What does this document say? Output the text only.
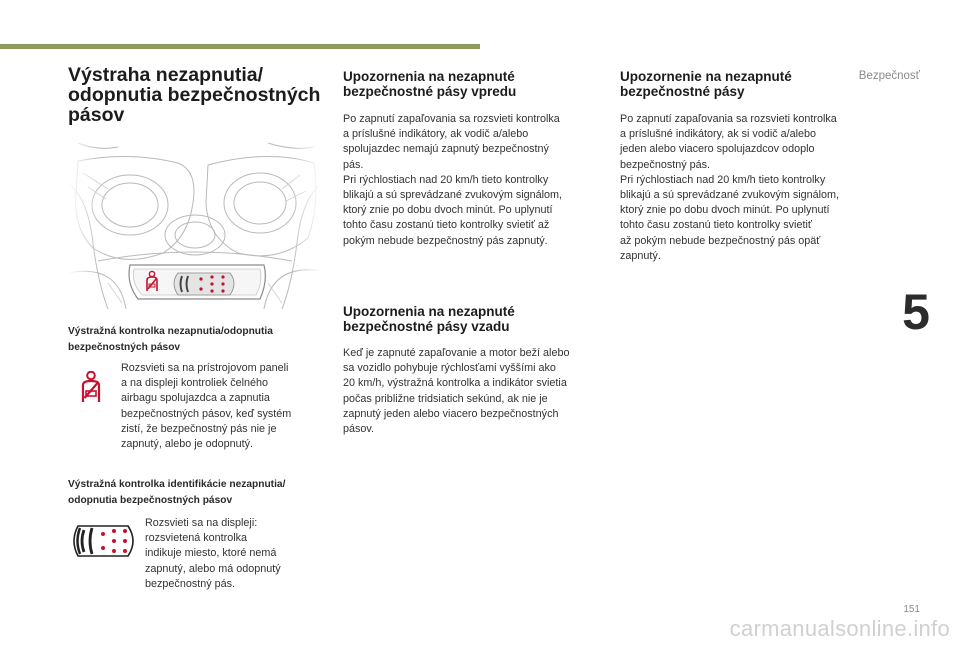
Bezpečnosť
5
151
carmanualsonline.info
Výstraha nezapnutia/
odopnutia bezpečnostných
pásov
Výstražná kontrolka nezapnutia/odopnutia
bezpečnostných pásov
Rozsvieti sa na prístrojovom paneli
a na displeji kontroliek čelného
airbagu spolujazdca a zapnutia
bezpečnostných pásov, keď systém
zistí, že bezpečnostný pás nie je
zapnutý, alebo je odopnutý.
Výstražná kontrolka identifikácie nezapnutia/
odopnutia bezpečnostných pásov
Rozsvieti sa na displeji:
rozsvietená kontrolka
indikuje miesto, ktoré nemá
zapnutý, alebo má odopnutý
bezpečnostný pás.
Upozornenia na nezapnuté
bezpečnostné pásy vpredu
Po zapnutí zapaľovania sa rozsvieti kontrolka
a príslušné indikátory, ak vodič a/alebo
spolujazdec nemajú zapnutý bezpečnostný
pás.
Pri rýchlostiach nad 20 km/h tieto kontrolky
blikajú a sú sprevádzané zvukovým signálom,
ktorý znie po dobu dvoch minút. Po uplynutí
tohto času zostanú tieto kontrolky svietiť až
pokým nebude bezpečnostný pás zapnutý.
Upozornenia na nezapnuté
bezpečnostné pásy vzadu
Keď je zapnuté zapaľovanie a motor beží alebo
sa vozidlo pohybuje rýchlosťami vyššími ako
20 km/h, výstražná kontrolka a indikátor svietia
počas približne tridsiatich sekúnd, ak nie je
zapnutý jeden alebo viacero bezpečnostných
pásov.
Upozornenie na nezapnuté
bezpečnostné pásy
Po zapnutí zapaľovania sa rozsvieti kontrolka
a príslušné indikátory, ak si vodič a/alebo
jeden alebo viacero spolujazdcov odoplo
bezpečnostný pás.
Pri rýchlostiach nad 20 km/h tieto kontrolky
blikajú a sú sprevádzané zvukovým signálom,
ktorý znie po dobu dvoch minút. Po uplynutí
tohto času zostanú tieto kontrolky svietiť
až pokým nebude bezpečnostný pás opäť
zapnutý.
